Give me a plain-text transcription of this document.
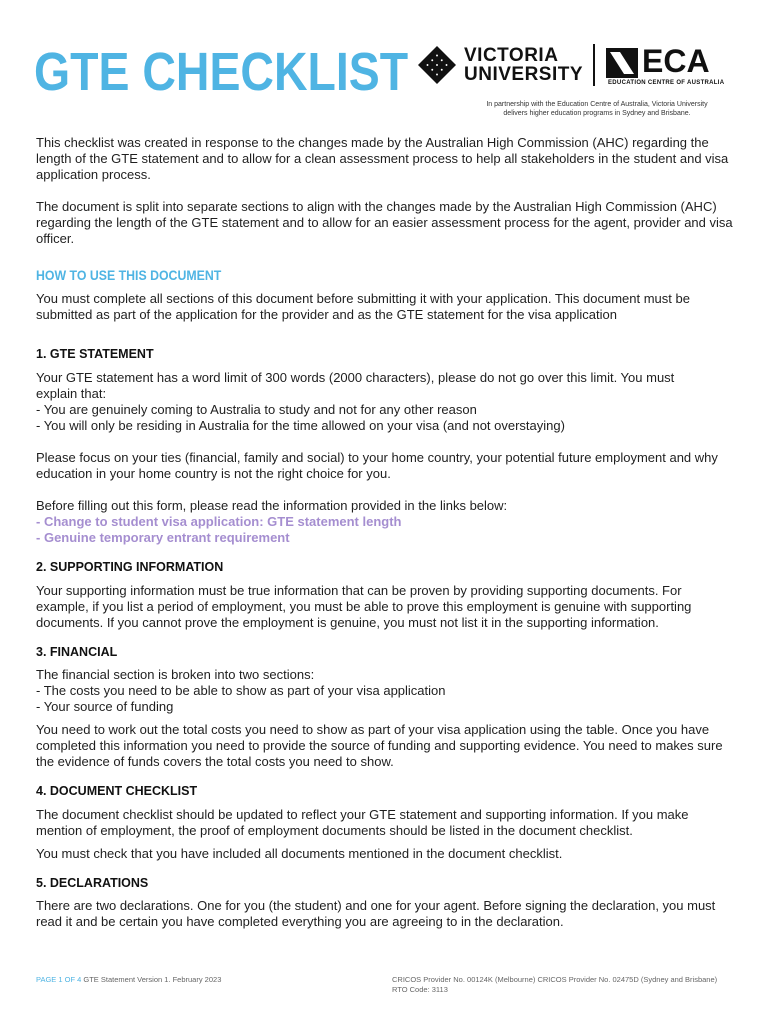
GTE CHECKLIST	VICTORIA
UNIVERSITY ECA
EDUCATION CENTRE OF AUSTRALIA
In partnership with the Education Centre of Australia, Victoria University
delivers higher education programs in Sydney and Brisbane.
This checklist was created in response to the changes made by the Australian High Commission (AHC) regarding the length of the GTE statement and to allow for a clean assessment process to help all stakeholders in the student and visa application process.
The document is split into separate sections to align with the changes made by the Australian High Commission (AHC) regarding the length of the GTE statement and to allow for an easier assessment process for the agent, provider and visa officer.
HOW TO USE THIS DOCUMENT
You must complete all sections of this document before submitting it with your application. This document must be submitted as part of the application for the provider and as the GTE statement for the visa application
1. GTE STATEMENT
Your GTE statement has a word limit of 300 words (2000 characters), please do not go over this limit. You must
explain that:
- You are genuinely coming to Australia to study and not for any other reason
- You will only be residing in Australia for the time allowed on your visa (and not overstaying)
Please focus on your ties (financial, family and social) to your home country, your potential future employment and why education in your home country is not the right choice for you.
Before filling out this form, please read the information provided in the links below:
- Change to student visa application: GTE statement length
- Genuine temporary entrant requirement
2. SUPPORTING INFORMATION
Your supporting information must be true information that can be proven by providing supporting documents. For example, if you list a period of employment, you must be able to prove this employment is genuine with supporting documents. If you cannot prove the employment is genuine, you must not list it in the supporting information.
3. FINANCIAL
The financial section is broken into two sections:
- The costs you need to be able to show as part of your visa application
- Your source of funding
You need to work out the total costs you need to show as part of your visa application using the table. Once you have completed this information you need to provide the source of funding and supporting evidence. You need to makes sure the evidence of funds covers the total costs you need to show.
4. DOCUMENT CHECKLIST
The document checklist should be updated to reflect your GTE statement and supporting information. If you make mention of employment, the proof of employment documents should be listed in the document checklist.
You must check that you have included all documents mentioned in the document checklist.
5. DECLARATIONS
There are two declarations. One for you (the student) and one for your agent. Before signing the declaration, you must read it and be certain you have completed everything you are agreeing to in the declaration.
PAGE 1 OF 4 GTE Statement Version 1. February 2023	CRICOS Provider No. 00124K (Melbourne) CRICOS Provider No. 02475D (Sydney and Brisbane)
RTO Code: 3113
